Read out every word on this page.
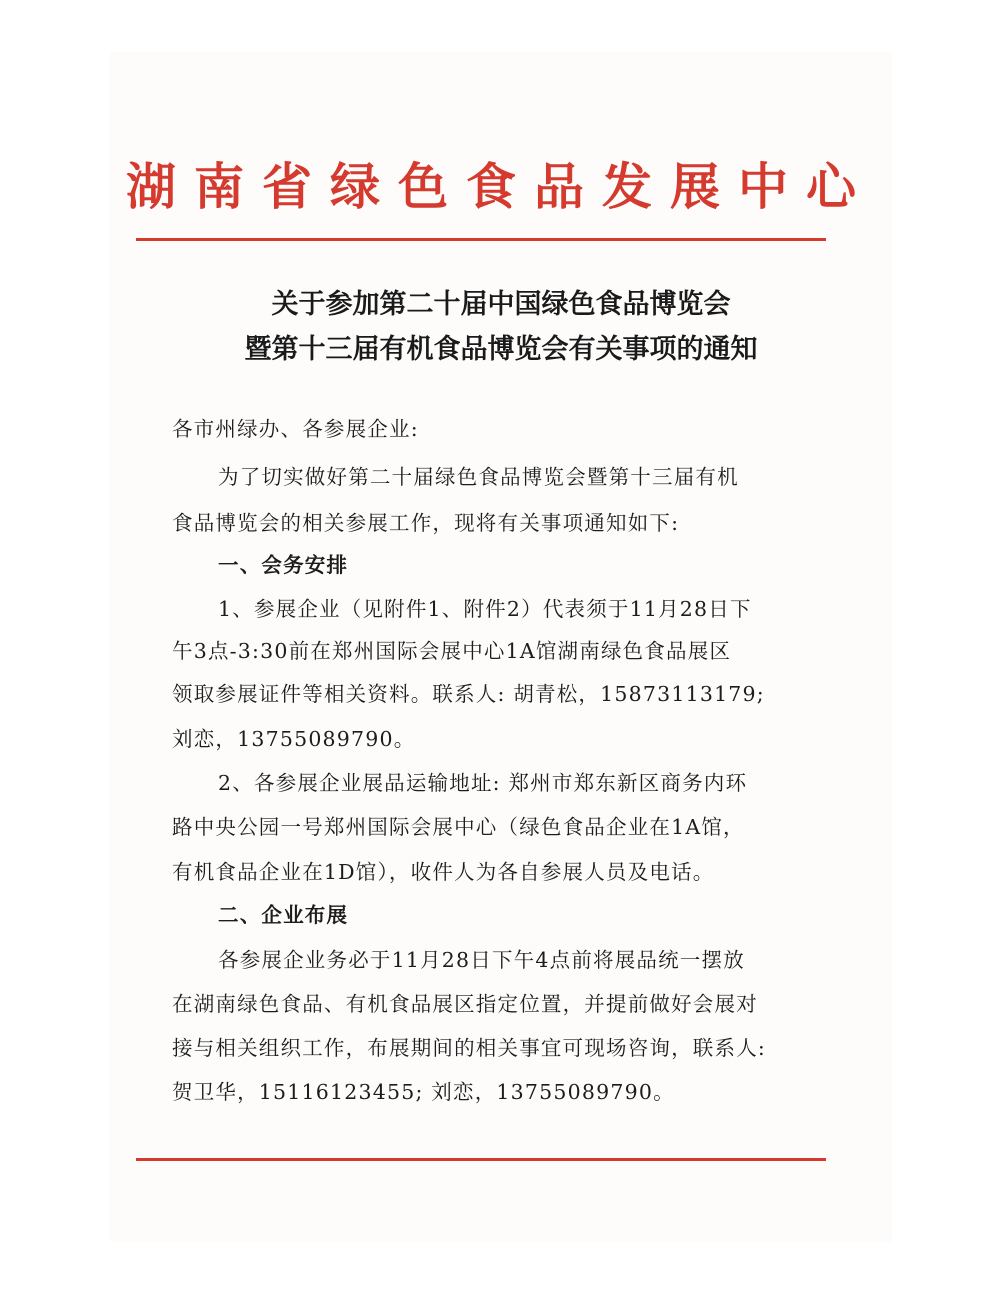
湖南省绿色食品发展中心
关于参加第二十届中国绿色食品博览会
暨第十三届有机食品博览会有关事项的通知
各市州绿办、各参展企业:
为了切实做好第二十届绿色食品博览会暨第十三届有机
食品博览会的相关参展工作，现将有关事项通知如下:
一、会务安排
1、参展企业（见附件1、附件2）代表须于11月28日下
午3点-3:30前在郑州国际会展中心1A馆湖南绿色食品展区
领取参展证件等相关资料。联系人: 胡青松，15873113179;
刘恋，13755089790。
2、各参展企业展品运输地址: 郑州市郑东新区商务内环
路中央公园一号郑州国际会展中心（绿色食品企业在1A馆，
有机食品企业在1D馆），收件人为各自参展人员及电话。
二、企业布展
各参展企业务必于11月28日下午4点前将展品统一摆放
在湖南绿色食品、有机食品展区指定位置，并提前做好会展对
接与相关组织工作，布展期间的相关事宜可现场咨询，联系人:
贺卫华，15116123455; 刘恋，13755089790。
